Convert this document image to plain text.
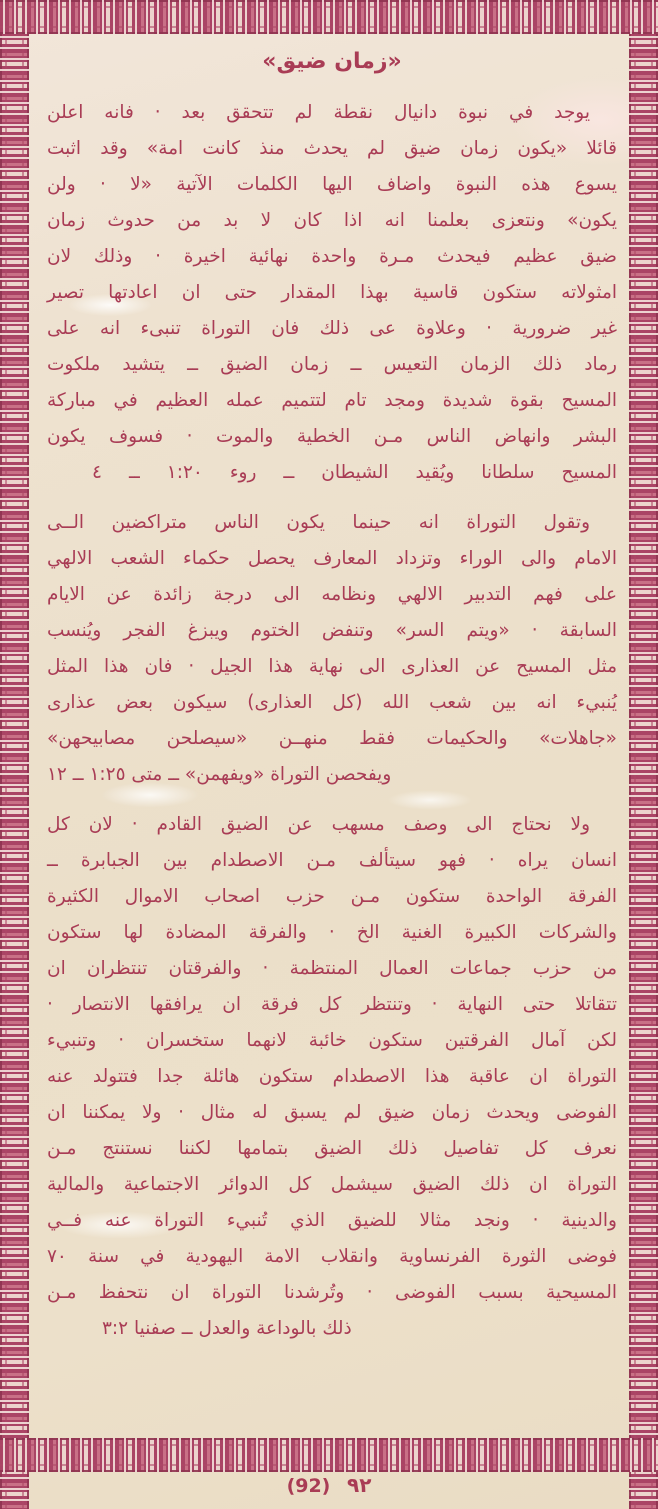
«زمان ضيق»
يوجد في نبوة دانيال نقطة لم تتحقق بعد · فانه اعلن
قائلا «يكون زمان ضيق لم يحدث منذ كانت امة» وقد اثبت
يسوع هذه النبوة واضاف اليها الكلمات الآتية «لا · ولن
يكون» ونتعزى بعلمنا انه اذا كان لا بد من حدوث زمان
ضيق عظيم فيحدث مـرة واحدة نهائية اخيرة · وذلك لان
امثولاته ستكون قاسية بهذا المقدار حتى ان اعادتها تصير
غير ضرورية · وعلاوة عى ذلك فان التوراة تنبىء انه على
رماد ذلك الزمان التعيس ــ زمان الضيق ــ يتشيد ملكوت
المسيح بقوة شديدة ومجد تام لتتميم عمله العظيم في مباركة
البشر وانهاض الناس مـن الخطية والموت · فسوف يكون
المسيح سلطانا ويُقيد الشيطان ــ روء ١:٢٠ ــ ٤
وتقول التوراة انه حينما يكون الناس متراكضين الــى
الامام والى الوراء وتزداد المعارف يحصل حكماء الشعب الالهي
على فهم التدبير الالهي ونظامه الى درجة زائدة عن الايام
السابقة · «ويتم السر» وتنفض الختوم ويبزغ الفجر ويُنسب
مثل المسيح عن العذارى الى نهاية هذا الجيل · فان هذا المثل
يُنبيء انه بين شعب الله (كل العذارى) سيكون بعض عذارى
«جاهلات» والحكيمات فقط منهــن «سيصلحن مصابيحهن»
ويفحصن التوراة «ويفهمن» ــ متى ١:٢٥ ــ ١٢
ولا نحتاج الى وصف مسهب عن الضيق القادم · لان كل
انسان يراه · فهو سيتألف مـن الاصطدام بين الجبابرة ــ
الفرقة الواحدة ستكون مـن حزب اصحاب الاموال الكثيرة
والشركات الكبيرة الغنية الخ · والفرقة المضادة لها ستكون
من حزب جماعات العمال المنتظمة · والفرقتان تنتظران ان
تتقاتلا حتى النهاية · وتنتظر كل فرقة ان يرافقها الانتصار ·
لكن آمال الفرقتين ستكون خائبة لانهما ستخسران · وتنبيء
التوراة ان عاقبة هذا الاصطدام ستكون هائلة جدا فتتولد عنه
الفوضى ويحدث زمان ضيق لم يسبق له مثال · ولا يمكننا ان
نعرف كل تفاصيل ذلك الضيق بتمامها لكننا نستنتج مـن
التوراة ان ذلك الضيق سيشمل كل الدوائر الاجتماعية والمالية
والدينية · ونجد مثالا للضيق الذي تُنبيء التوراة عنه فــي
فوضى الثورة الفرنساوية وانقلاب الامة اليهودية في سنة ٧٠
المسيحية بسبب الفوضى · وتُرشدنا التوراة ان نتحفظ مـن
ذلك بالوداعة والعدل ــ صفنيا ٣:٢
(92) ٩٢
